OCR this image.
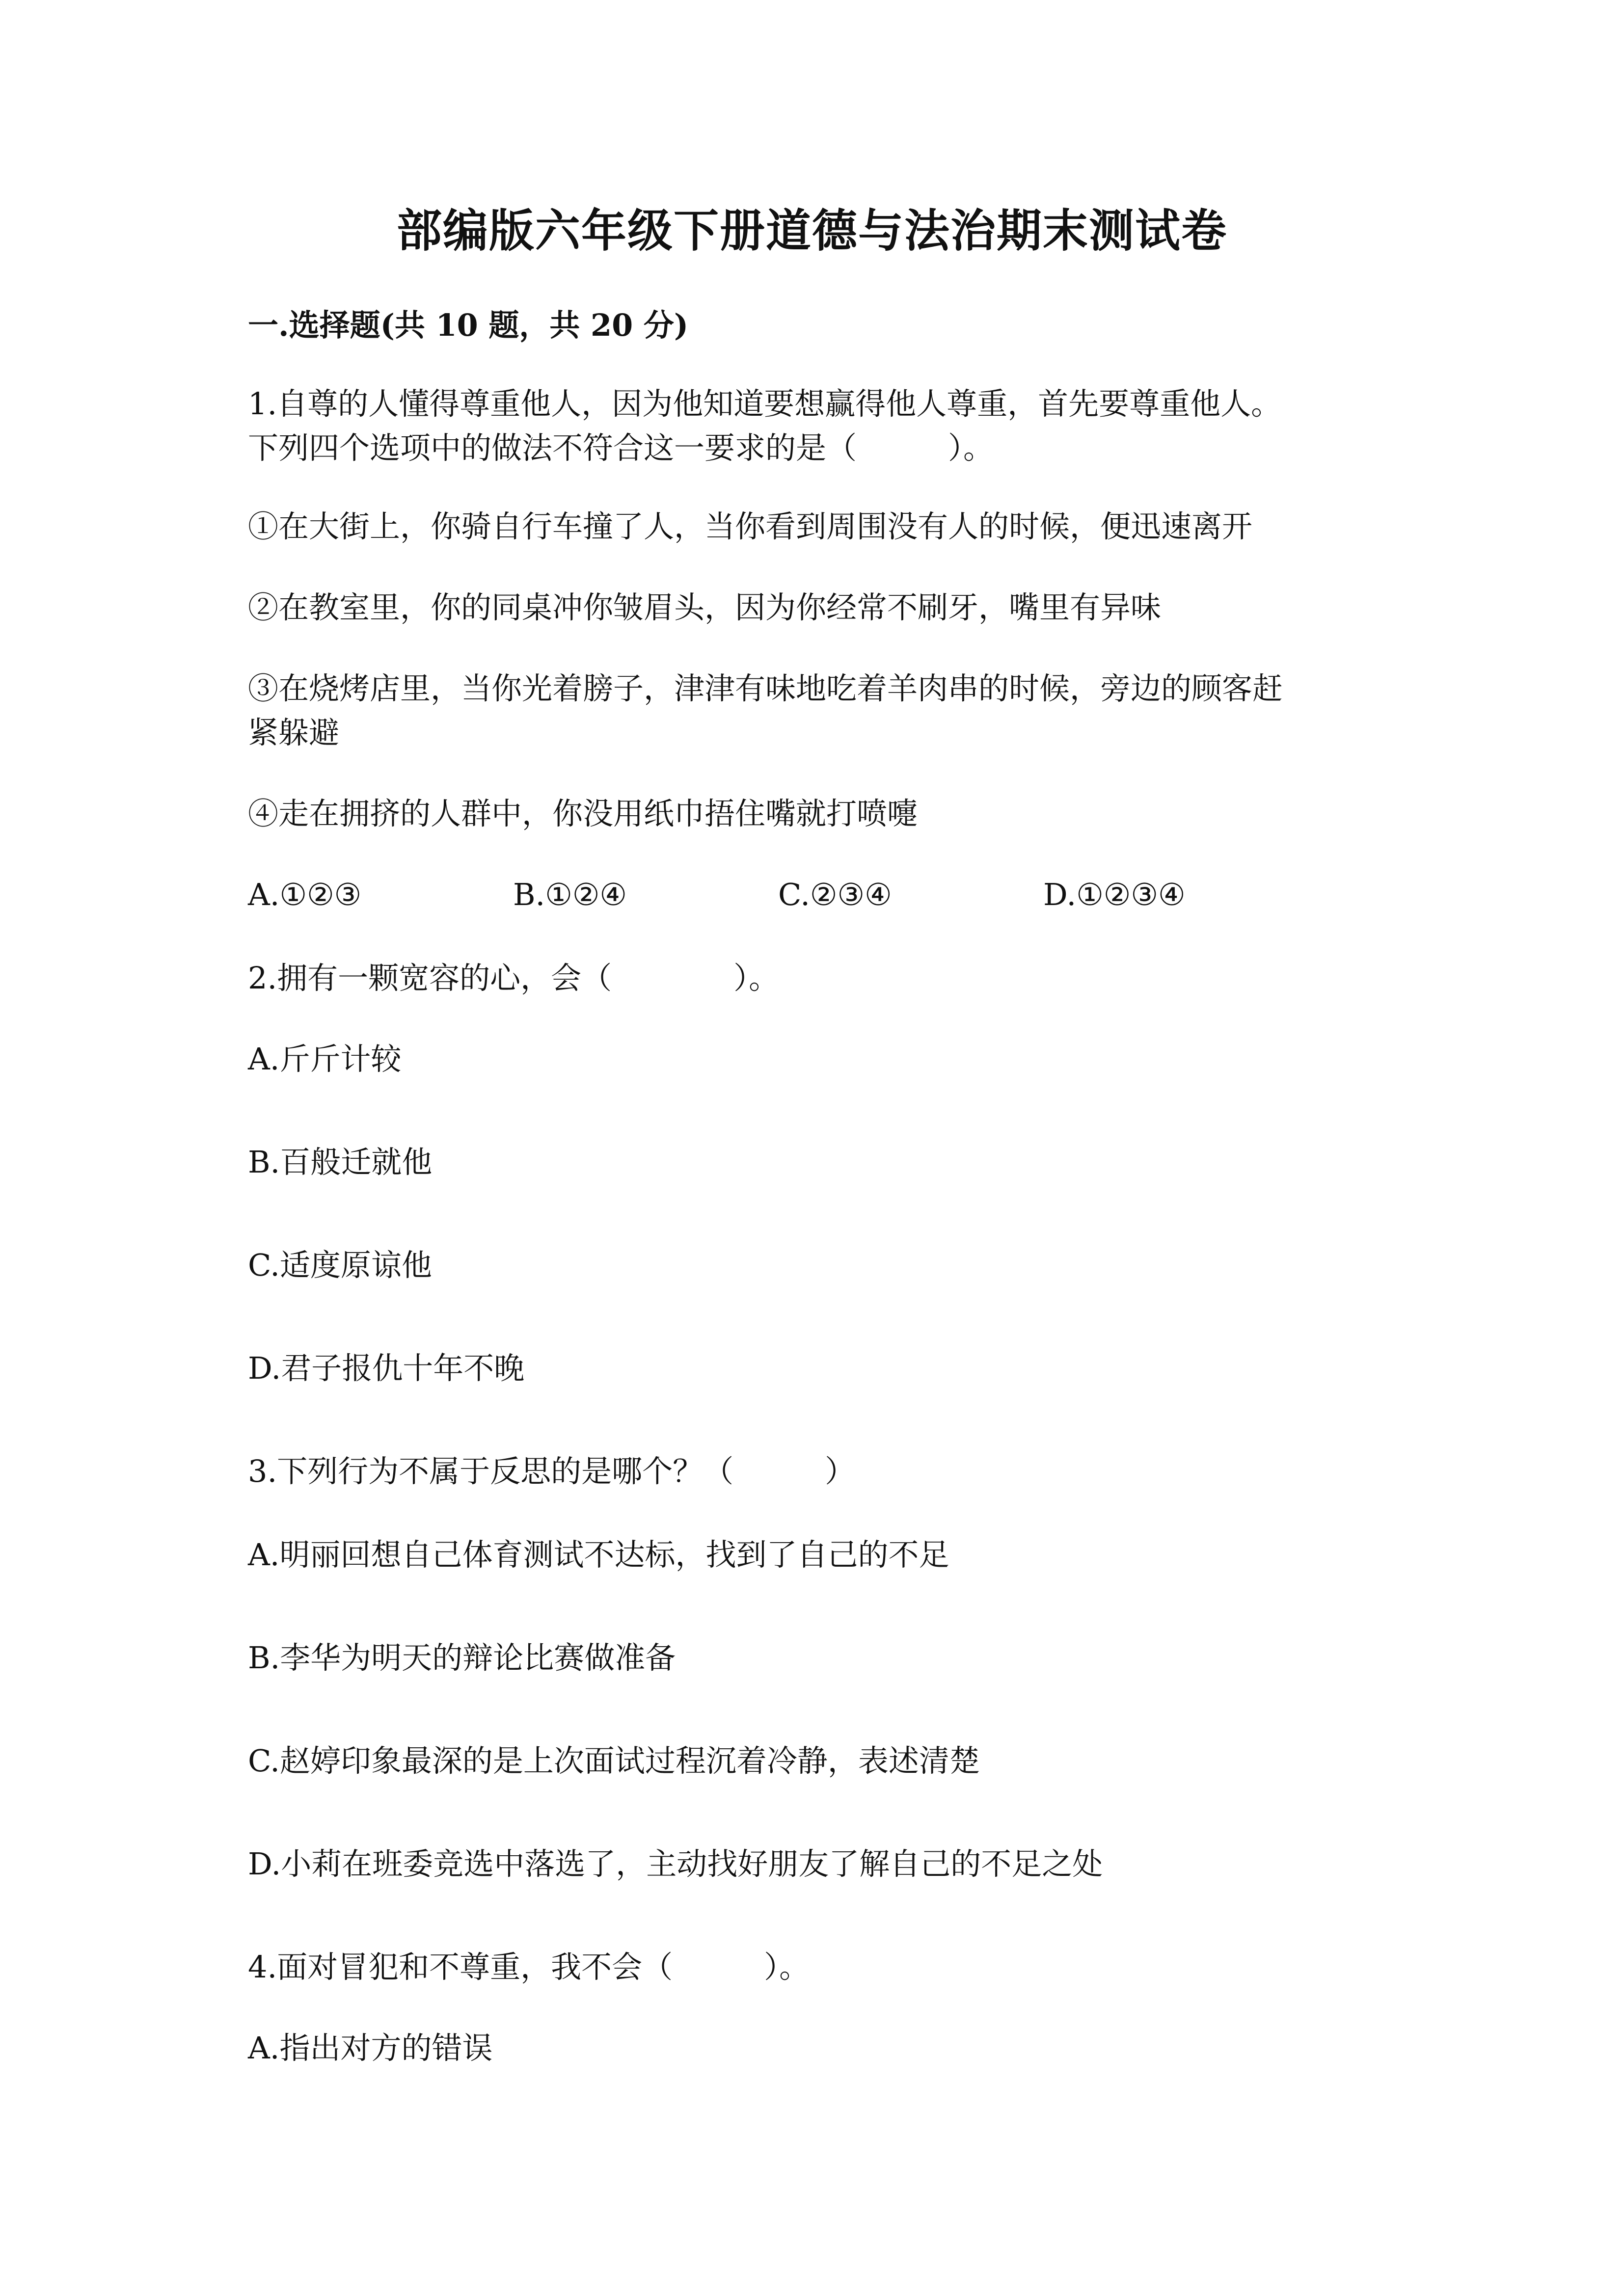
部编版六年级下册道德与法治期末测试卷
一.选择题(共 10 题，共 20 分)
1.自尊的人懂得尊重他人，因为他知道要想赢得他人尊重，首先要尊重他人。
下列四个选项中的做法不符合这一要求的是（　　　）。
①在大街上，你骑自行车撞了人，当你看到周围没有人的时候，便迅速离开
②在教室里，你的同桌冲你皱眉头，因为你经常不刷牙，嘴里有异味
③在烧烤店里，当你光着膀子，津津有味地吃着羊肉串的时候，旁边的顾客赶
紧躲避
④走在拥挤的人群中，你没用纸巾捂住嘴就打喷嚏
A.①②③	B.①②④	C.②③④	D.①②③④
2.拥有一颗宽容的心，会（　　　　）。
A.斤斤计较
B.百般迁就他
C.适度原谅他
D.君子报仇十年不晚
3.下列行为不属于反思的是哪个？（　　　）
A.明丽回想自己体育测试不达标，找到了自己的不足
B.李华为明天的辩论比赛做准备
C.赵婷印象最深的是上次面试过程沉着冷静，表述清楚
D.小莉在班委竞选中落选了，主动找好朋友了解自己的不足之处
4.面对冒犯和不尊重，我不会（　　　）。
A.指出对方的错误
